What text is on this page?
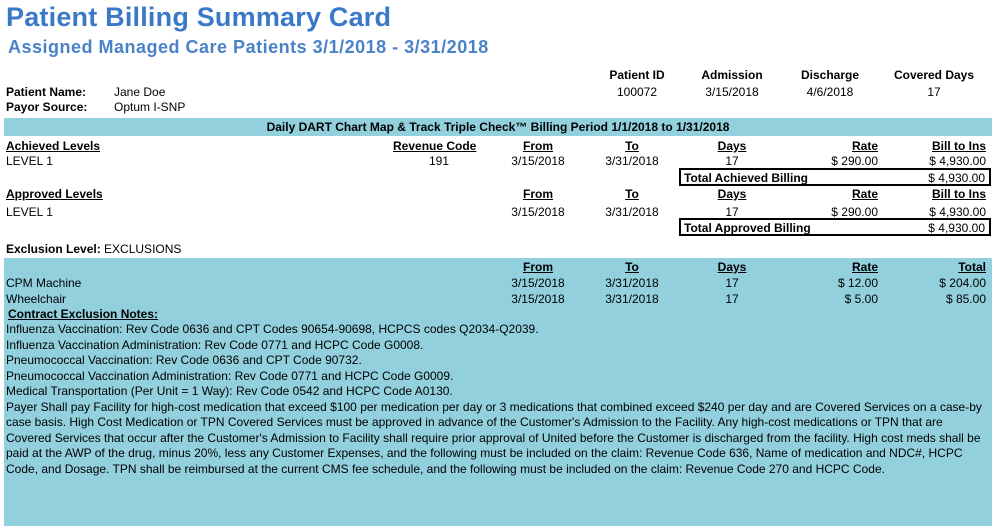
Patient Billing Summary Card
Assigned Managed Care Patients 3/1/2018 - 3/31/2018
Patient Name: Jane Doe
Payor Source: Optum I-SNP
Patient ID
100072
Admission
3/15/2018
Discharge
4/6/2018
Covered Days
17
Daily DART Chart Map & Track Triple Check™ Billing Period 1/1/2018 to 1/31/2018
Achieved Levels	Revenue Code	From	To	Days	Rate	Bill to Ins
LEVEL 1	191	3/15/2018	3/31/2018	17	$ 290.00	$ 4,930.00
Total Achieved Billing	$ 4,930.00
Approved Levels	From	To	Days	Rate	Bill to Ins
LEVEL 1	3/15/2018	3/31/2018	17	$ 290.00	$ 4,930.00
Total Approved Billing	$ 4,930.00
Exclusion Level: EXCLUSIONS
From	To	Days	Rate	Total
CPM Machine	3/15/2018	3/31/2018	17	$ 12.00	$ 204.00
Wheelchair	3/15/2018	3/31/2018	17	$ 5.00	$ 85.00
Contract Exclusion Notes:
Influenza Vaccination: Rev Code 0636 and CPT Codes 90654-90698, HCPCS codes Q2034-Q2039.
Influenza Vaccination Administration: Rev Code 0771 and HCPC Code G0008.
Pneumococcal Vaccination: Rev Code 0636 and CPT Code 90732.
Pneumococcal Vaccination Administration: Rev Code 0771 and HCPC Code G0009.
Medical Transportation (Per Unit = 1 Way): Rev Code 0542 and HCPC Code A0130.
Payer Shall pay Facility for high-cost medication that exceed $100 per medication per day or 3 medications that combined exceed $240 per day and are Covered Services on a case-by case basis. High Cost Medication or TPN Covered Services must be approved in advance of the Customer's Admission to the Facility. Any high-cost medications or TPN that are Covered Services that occur after the Customer's Admission to Facility shall require prior approval of United before the Customer is discharged from the facility. High cost meds shall be paid at the AWP of the drug, minus 20%, less any Customer Expenses, and the following must be included on the claim: Revenue Code 636, Name of medication and NDC#, HCPC Code, and Dosage. TPN shall be reimbursed at the current CMS fee schedule, and the following must be included on the claim: Revenue Code 270 and HCPC Code.
